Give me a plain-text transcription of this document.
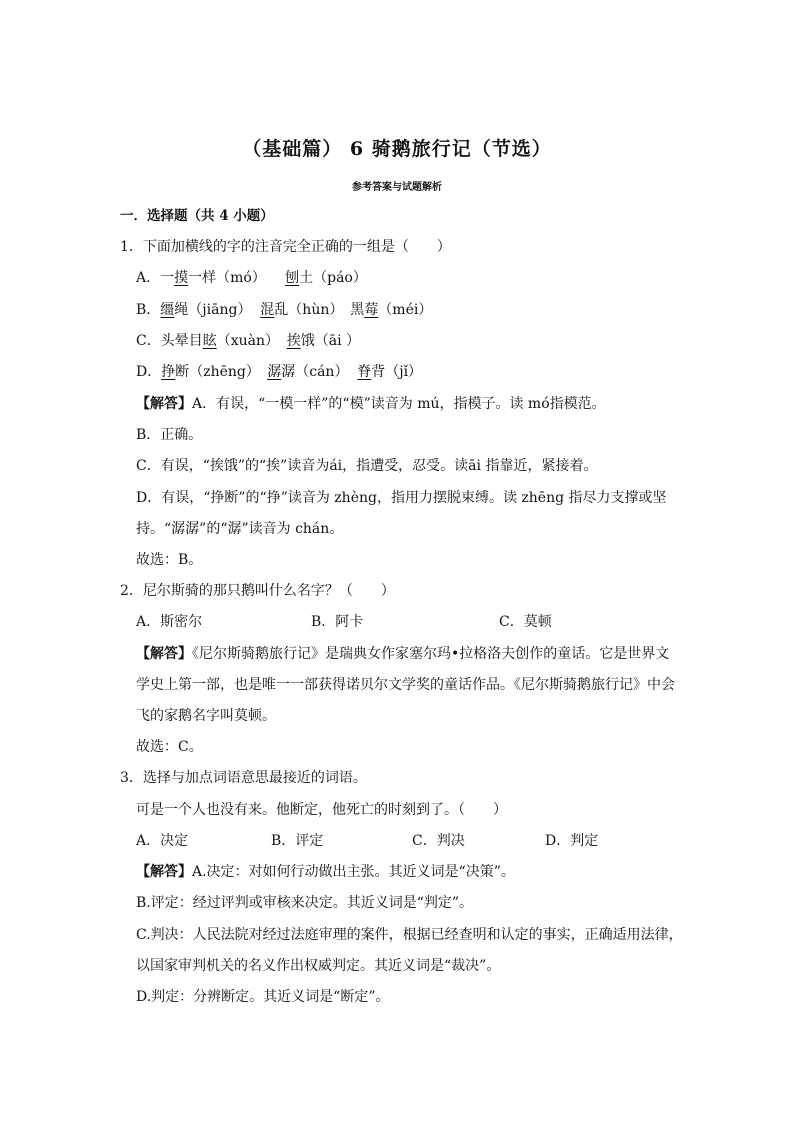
（基础篇） 6 骑鹅旅行记（节选）
参考答案与试题解析
一．选择题（共 4 小题）
1．下面加横线的字的注音完全正确的一组是（　　）
A．一摸一样（mó） 刨土（páo）
B．缰绳（jiāng） 混乱（hùn） 黑莓（méi）
C．头晕目眩（xuàn） 挨饿（āi ）
D．挣断（zhēng） 潺潺（cán） 脊背（jǐ）
【解答】A．有误，“一模一样”的“模”读音为 mú，指模子。读 mó指模范。
B．正确。
C．有误，“挨饿”的“挨”读音为ái，指遭受，忍受。读āi 指靠近，紧接着。
D．有误，“挣断”的“挣”读音为 zhèng，指用力摆脱束缚。读 zhēng 指尽力支撑或坚
持。“潺潺”的“潺”读音为 chán。
故选：B。
2．尼尔斯骑的那只鹅叫什么名字？（　　）
A．斯密尔	B．阿卡	C．莫顿
【解答】《尼尔斯骑鹅旅行记》是瑞典女作家塞尔玛•拉格洛夫创作的童话。它是世界文
学史上第一部，也是唯一一部获得诺贝尔文学奖的童话作品。《尼尔斯骑鹅旅行记》中会
飞的家鹅名字叫莫顿。
故选：C。
3．选择与加点词语意思最接近的词语。
可是一个人也没有来。他断定，他死亡的时刻到了。（　　）
A．决定	B．评定	C．判决	D．判定
【解答】A.决定：对如何行动做出主张。其近义词是“决策”。
B.评定：经过评判或审核来决定。其近义词是“判定”。
C.判决：人民法院对经过法庭审理的案件，根据已经查明和认定的事实，正确适用法律，
以国家审判机关的名义作出权威判定。其近义词是“裁决”。
D.判定：分辨断定。其近义词是“断定”。
